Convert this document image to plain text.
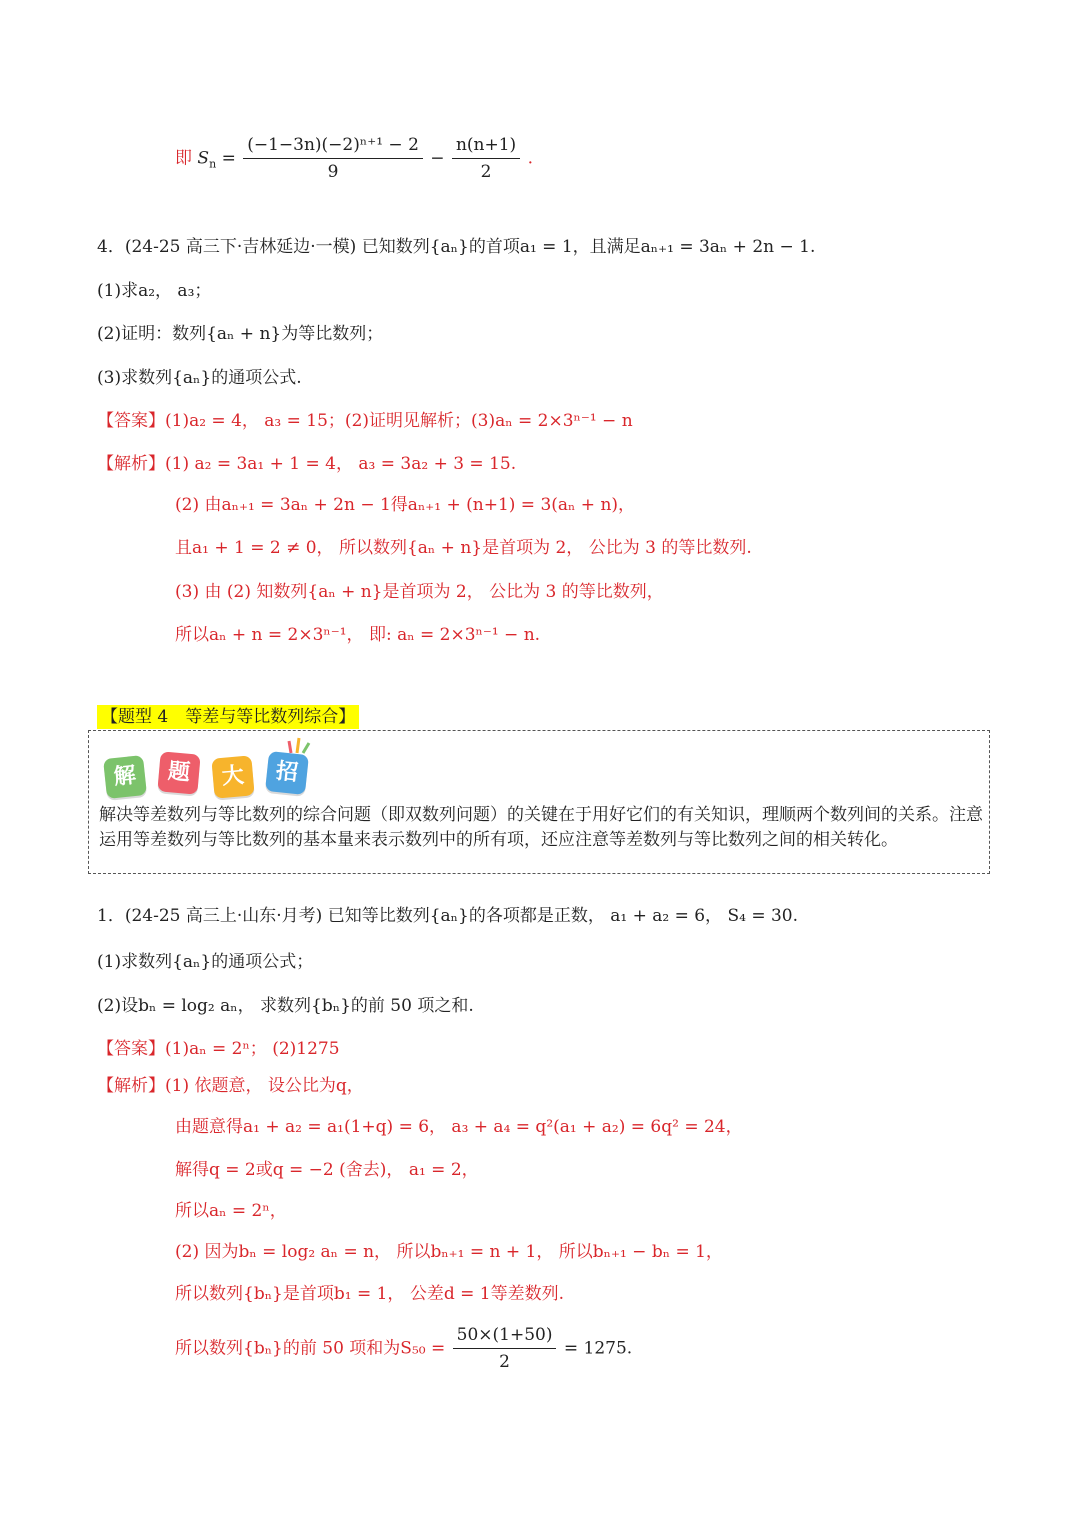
即 $S_n = \frac{\text{(−1−3n)(−2)ⁿ⁺¹ − 2}}{9} - \frac{n(n+1)}{2}$ .
4．(24-25 高三下·吉林延边·一模) 已知数列{aₙ}的首项a₁ = 1，且满足aₙ₊₁ = 3aₙ + 2n − 1.
(1)求a₂， a₃；
(2)证明：数列{aₙ + n}为等比数列；
(3)求数列{aₙ}的通项公式.
【答案】(1)a₂ = 4， a₃ = 15；(2)证明见解析；(3)aₙ = 2×3ⁿ⁻¹ − n
【解析】(1) a₂ = 3a₁ + 1 = 4， a₃ = 3a₂ + 3 = 15.
(2) 由aₙ₊₁ = 3aₙ + 2n − 1得aₙ₊₁ + (n+1) = 3(aₙ + n)，
且a₁ + 1 = 2 ≠ 0， 所以数列{aₙ + n}是首项为 2， 公比为 3 的等比数列.
(3) 由 (2) 知数列{aₙ + n}是首项为 2， 公比为 3 的等比数列，
所以aₙ + n = 2×3ⁿ⁻¹， 即: aₙ = 2×3ⁿ⁻¹ − n.
【题型 4　等差与等比数列综合】
解	题	大	招
解决等差数列与等比数列的综合问题（即双数列问题）的关键在于用好它们的有关知识，理顺两个数列间的关系。注意运用等差数列与等比数列的基本量来表示数列中的所有项，还应注意等差数列与等比数列之间的相关转化。
1．(24-25 高三上·山东·月考) 已知等比数列{aₙ}的各项都是正数， a₁ + a₂ = 6， S₄ = 30.
(1)求数列{aₙ}的通项公式；
(2)设bₙ = log₂ aₙ， 求数列{bₙ}的前 50 项之和.
【答案】(1)aₙ = 2ⁿ； (2)1275
【解析】(1) 依题意， 设公比为q，
由题意得a₁ + a₂ = a₁(1+q) = 6， a₃ + a₄ = q²(a₁ + a₂) = 6q² = 24，
解得q = 2或q = −2 (舍去)， a₁ = 2，
所以aₙ = 2ⁿ，
(2) 因为bₙ = log₂ aₙ = n， 所以bₙ₊₁ = n + 1， 所以bₙ₊₁ − bₙ = 1，
所以数列{bₙ}是首项b₁ = 1， 公差d = 1等差数列.
所以数列{bₙ}的前 50 项和为$S_{50} = \frac{50\times(1+50)}{2} = 1275$.
